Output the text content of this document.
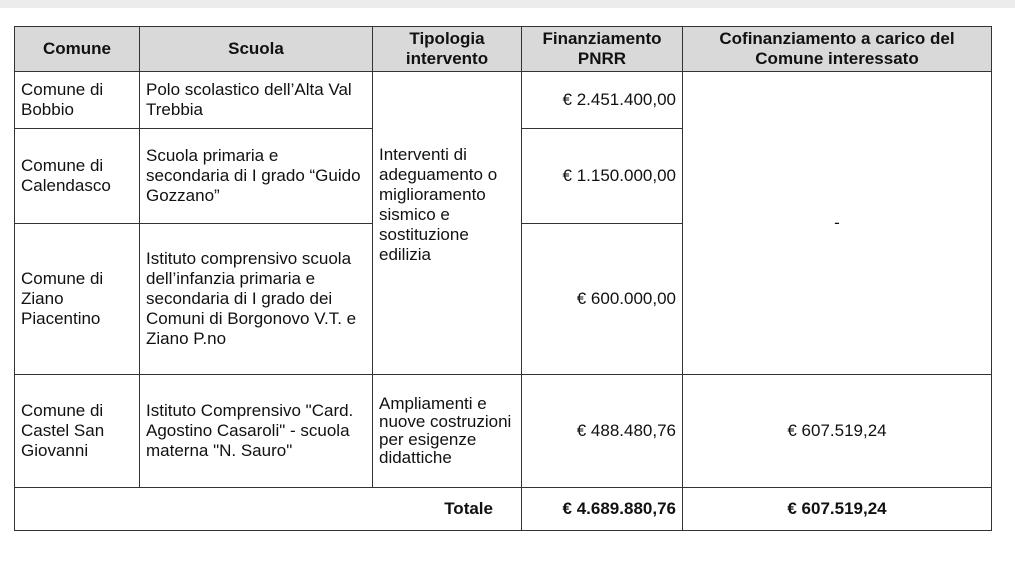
Comune	Scuola	Tipologia intervento	Finanziamento PNRR	Cofinanziamento a carico del Comune interessato
Comune di Bobbio	Polo scolastico dell’Alta Val Trebbia	Interventi di adeguamento o miglioramento sismico e sostituzione edilizia	€ 2.451.400,00	-
Comune di Calendasco	Scuola primaria e secondaria di I grado “Guido Gozzano”		€ 1.150.000,00	
Comune di Ziano Piacentino	Istituto comprensivo scuola dell’infanzia primaria e secondaria di I grado dei Comuni di Borgonovo V.T. e Ziano P.no		€ 600.000,00	
Comune di Castel San Giovanni	Istituto Comprensivo "Card. Agostino Casaroli" - scuola materna "N. Sauro"	Ampliamenti e nuove costruzioni per esigenze didattiche	€ 488.480,76	€ 607.519,24
Totale			€ 4.689.880,76	€ 607.519,24
